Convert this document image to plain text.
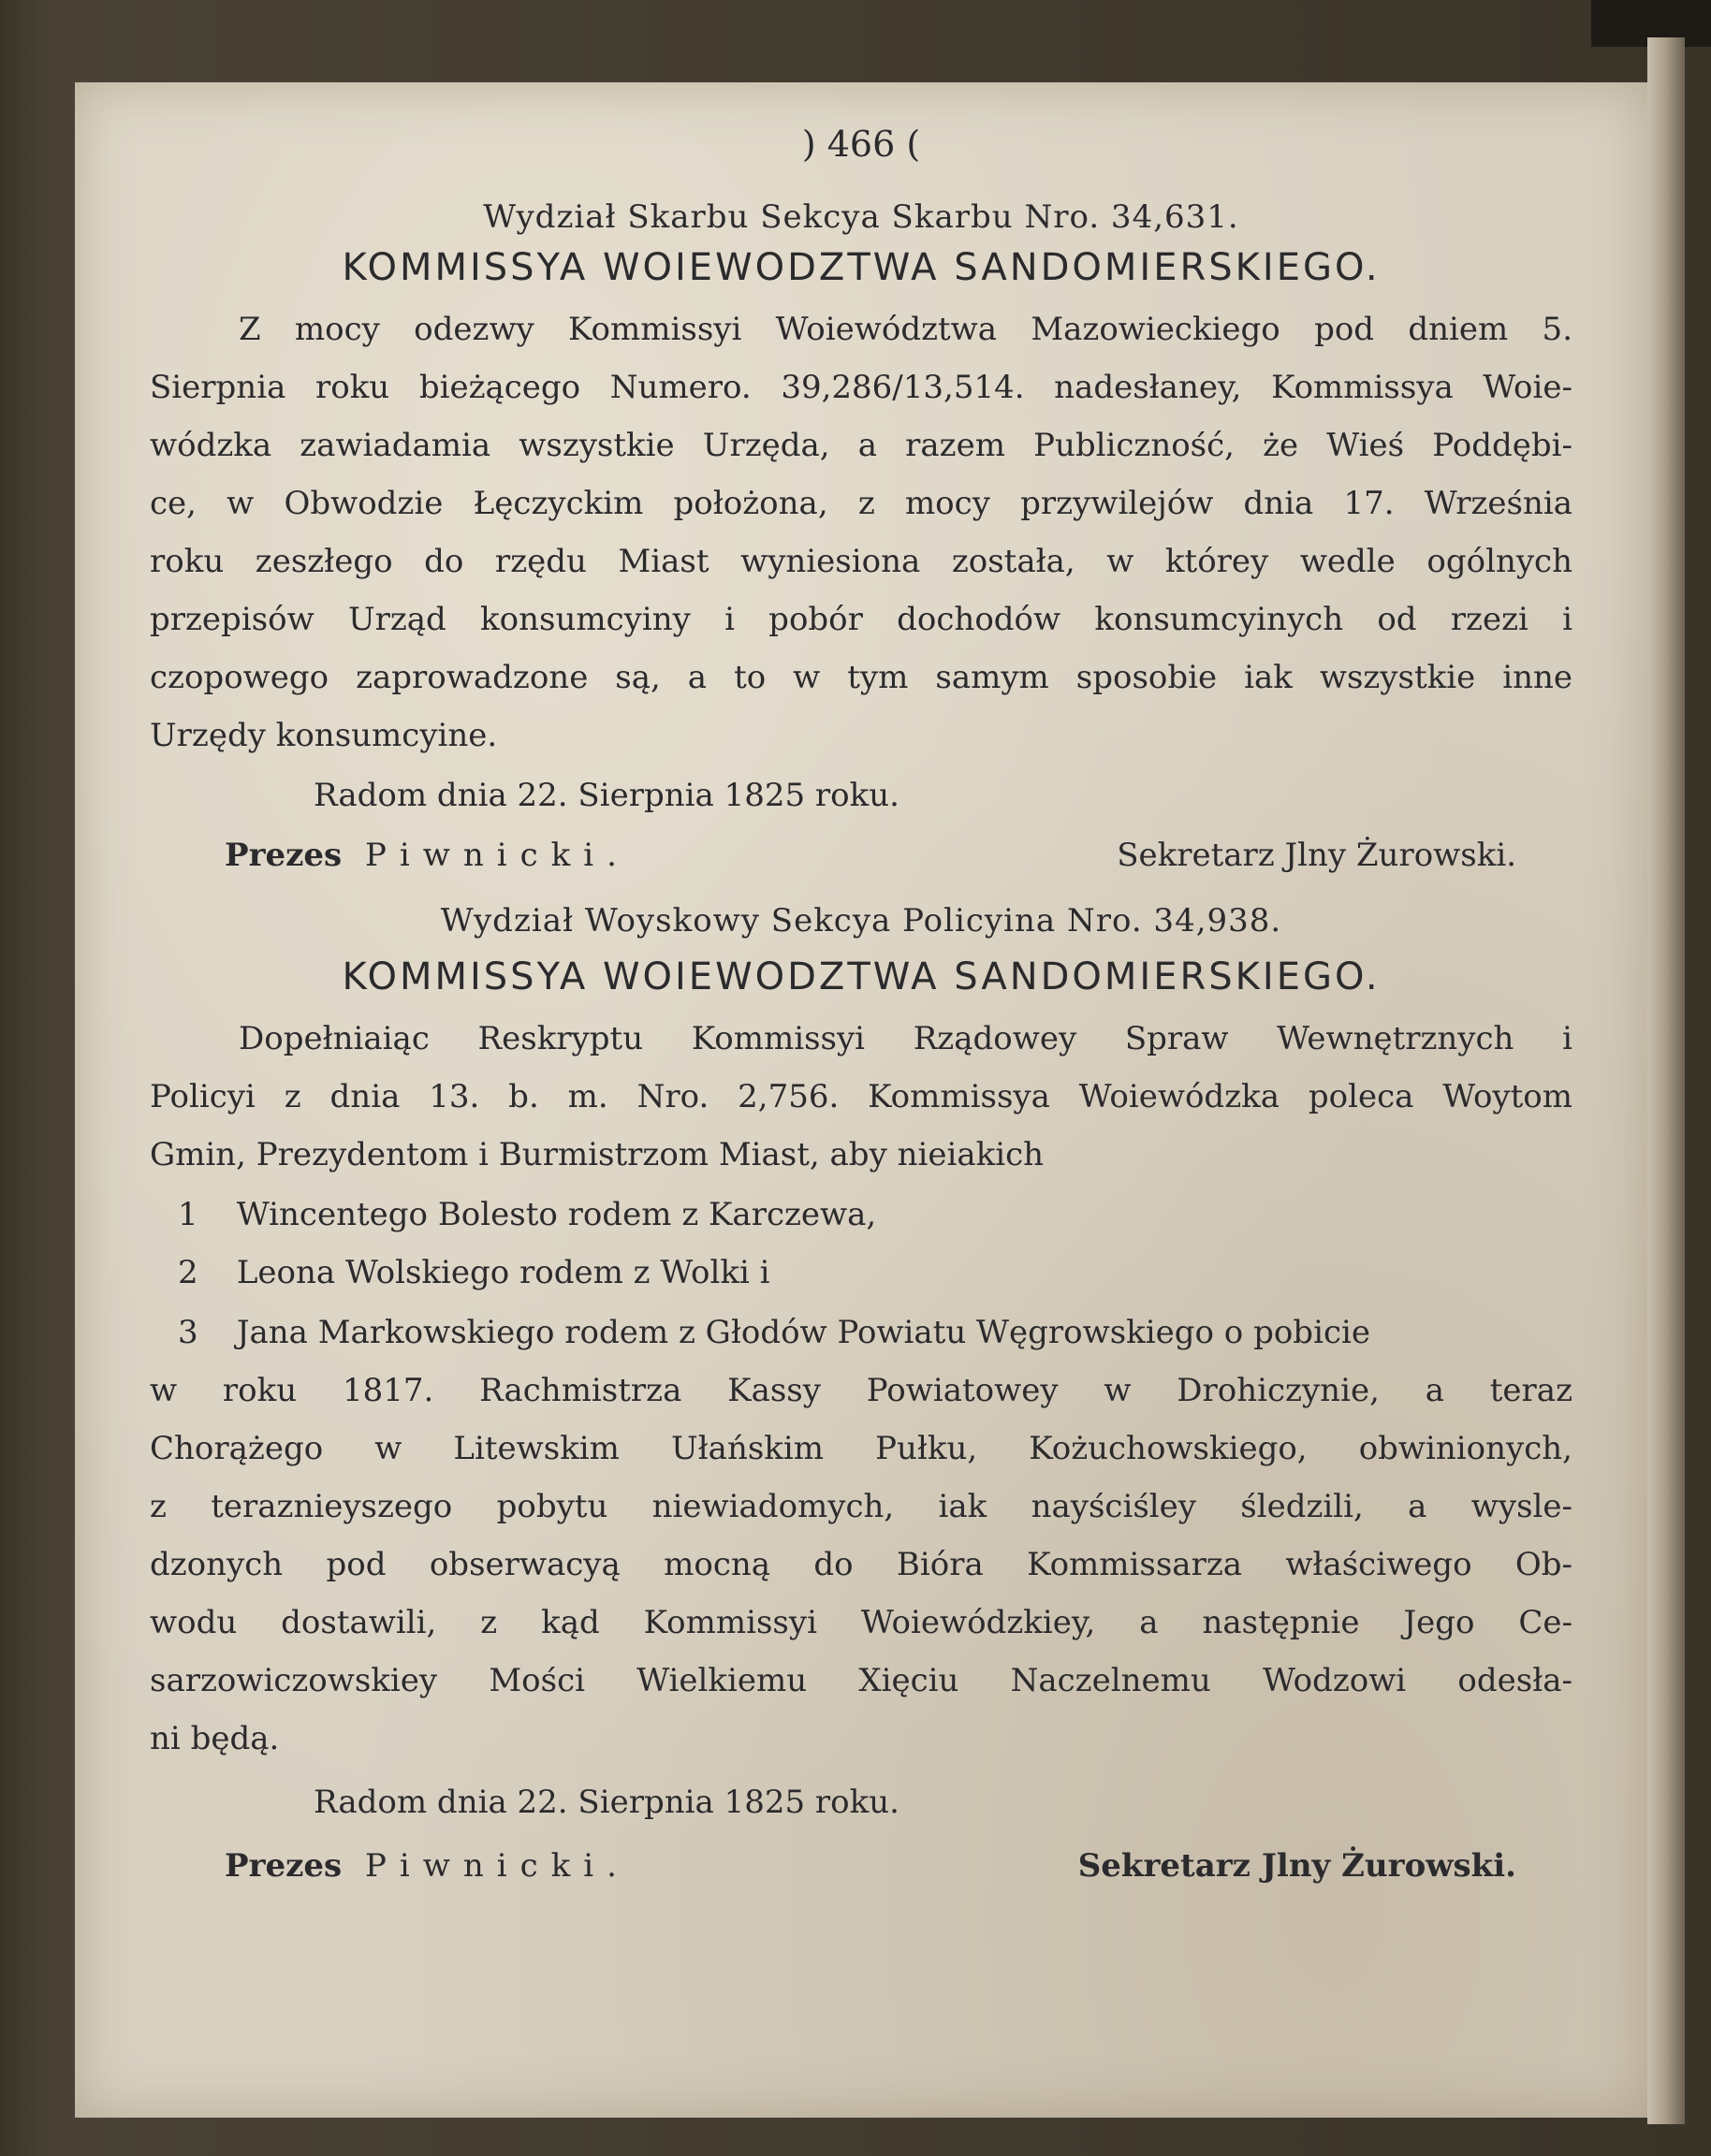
) 466 (
Wydział Skarbu Sekcya Skarbu Nro. 34,631.
KOMMISSYA WOIEWODZTWA SANDOMIERSKIEGO.
Z mocy odezwy Kommissyi Woiewództwa Mazowieckiego pod dniem 5.
Sierpnia roku bieżącego Numero. 39,286/13,514. nadesłaney, Kommissya Woie-
wódzka zawiadamia wszystkie Urzęda, a razem Publiczność, że Wieś Poddębi-
ce, w Obwodzie Łęczyckim położona, z mocy przywilejów dnia 17. Września
roku zeszłego do rzędu Miast wyniesiona została, w którey wedle ogólnych
przepisów Urząd konsumcyiny i pobór dochodów konsumcyinych od rzezi i
czopowego zaprowadzone są, a to w tym samym sposobie iak wszystkie inne
Urzędy konsumcyine.
Radom dnia 22. Sierpnia 1825 roku.
Prezes Piwnicki.	Sekretarz Jlny Żurowski.
Wydział Woyskowy Sekcya Policyina Nro. 34,938.
KOMMISSYA WOIEWODZTWA SANDOMIERSKIEGO.
Dopełniaiąc Reskryptu Kommissyi Rządowey Spraw Wewnętrznych i
Policyi z dnia 13. b. m. Nro. 2,756. Kommissya Woiewódzka poleca Woytom
Gmin, Prezydentom i Burmistrzom Miast, aby nieiakich
1 Wincentego Bolesto rodem z Karczewa,
2 Leona Wolskiego rodem z Wolki i
3 Jana Markowskiego rodem z Głodów Powiatu Węgrowskiego o pobicie
w roku 1817. Rachmistrza Kassy Powiatowey w Drohiczynie, a teraz
Chorążego w Litewskim Ułańskim Pułku, Kożuchowskiego, obwinionych,
z teraznieyszego pobytu niewiadomych, iak nayściśley śledzili, a wysle-
dzonych pod obserwacyą mocną do Bióra Kommissarza właściwego Ob-
wodu dostawili, z kąd Kommissyi Woiewódzkiey, a następnie Jego Ce-
sarzowiczowskiey Mości Wielkiemu Xięciu Naczelnemu Wodzowi odesła-
ni będą.
Radom dnia 22. Sierpnia 1825 roku.
Prezes Piwnicki.	Sekretarz Jlny Żurowski.
